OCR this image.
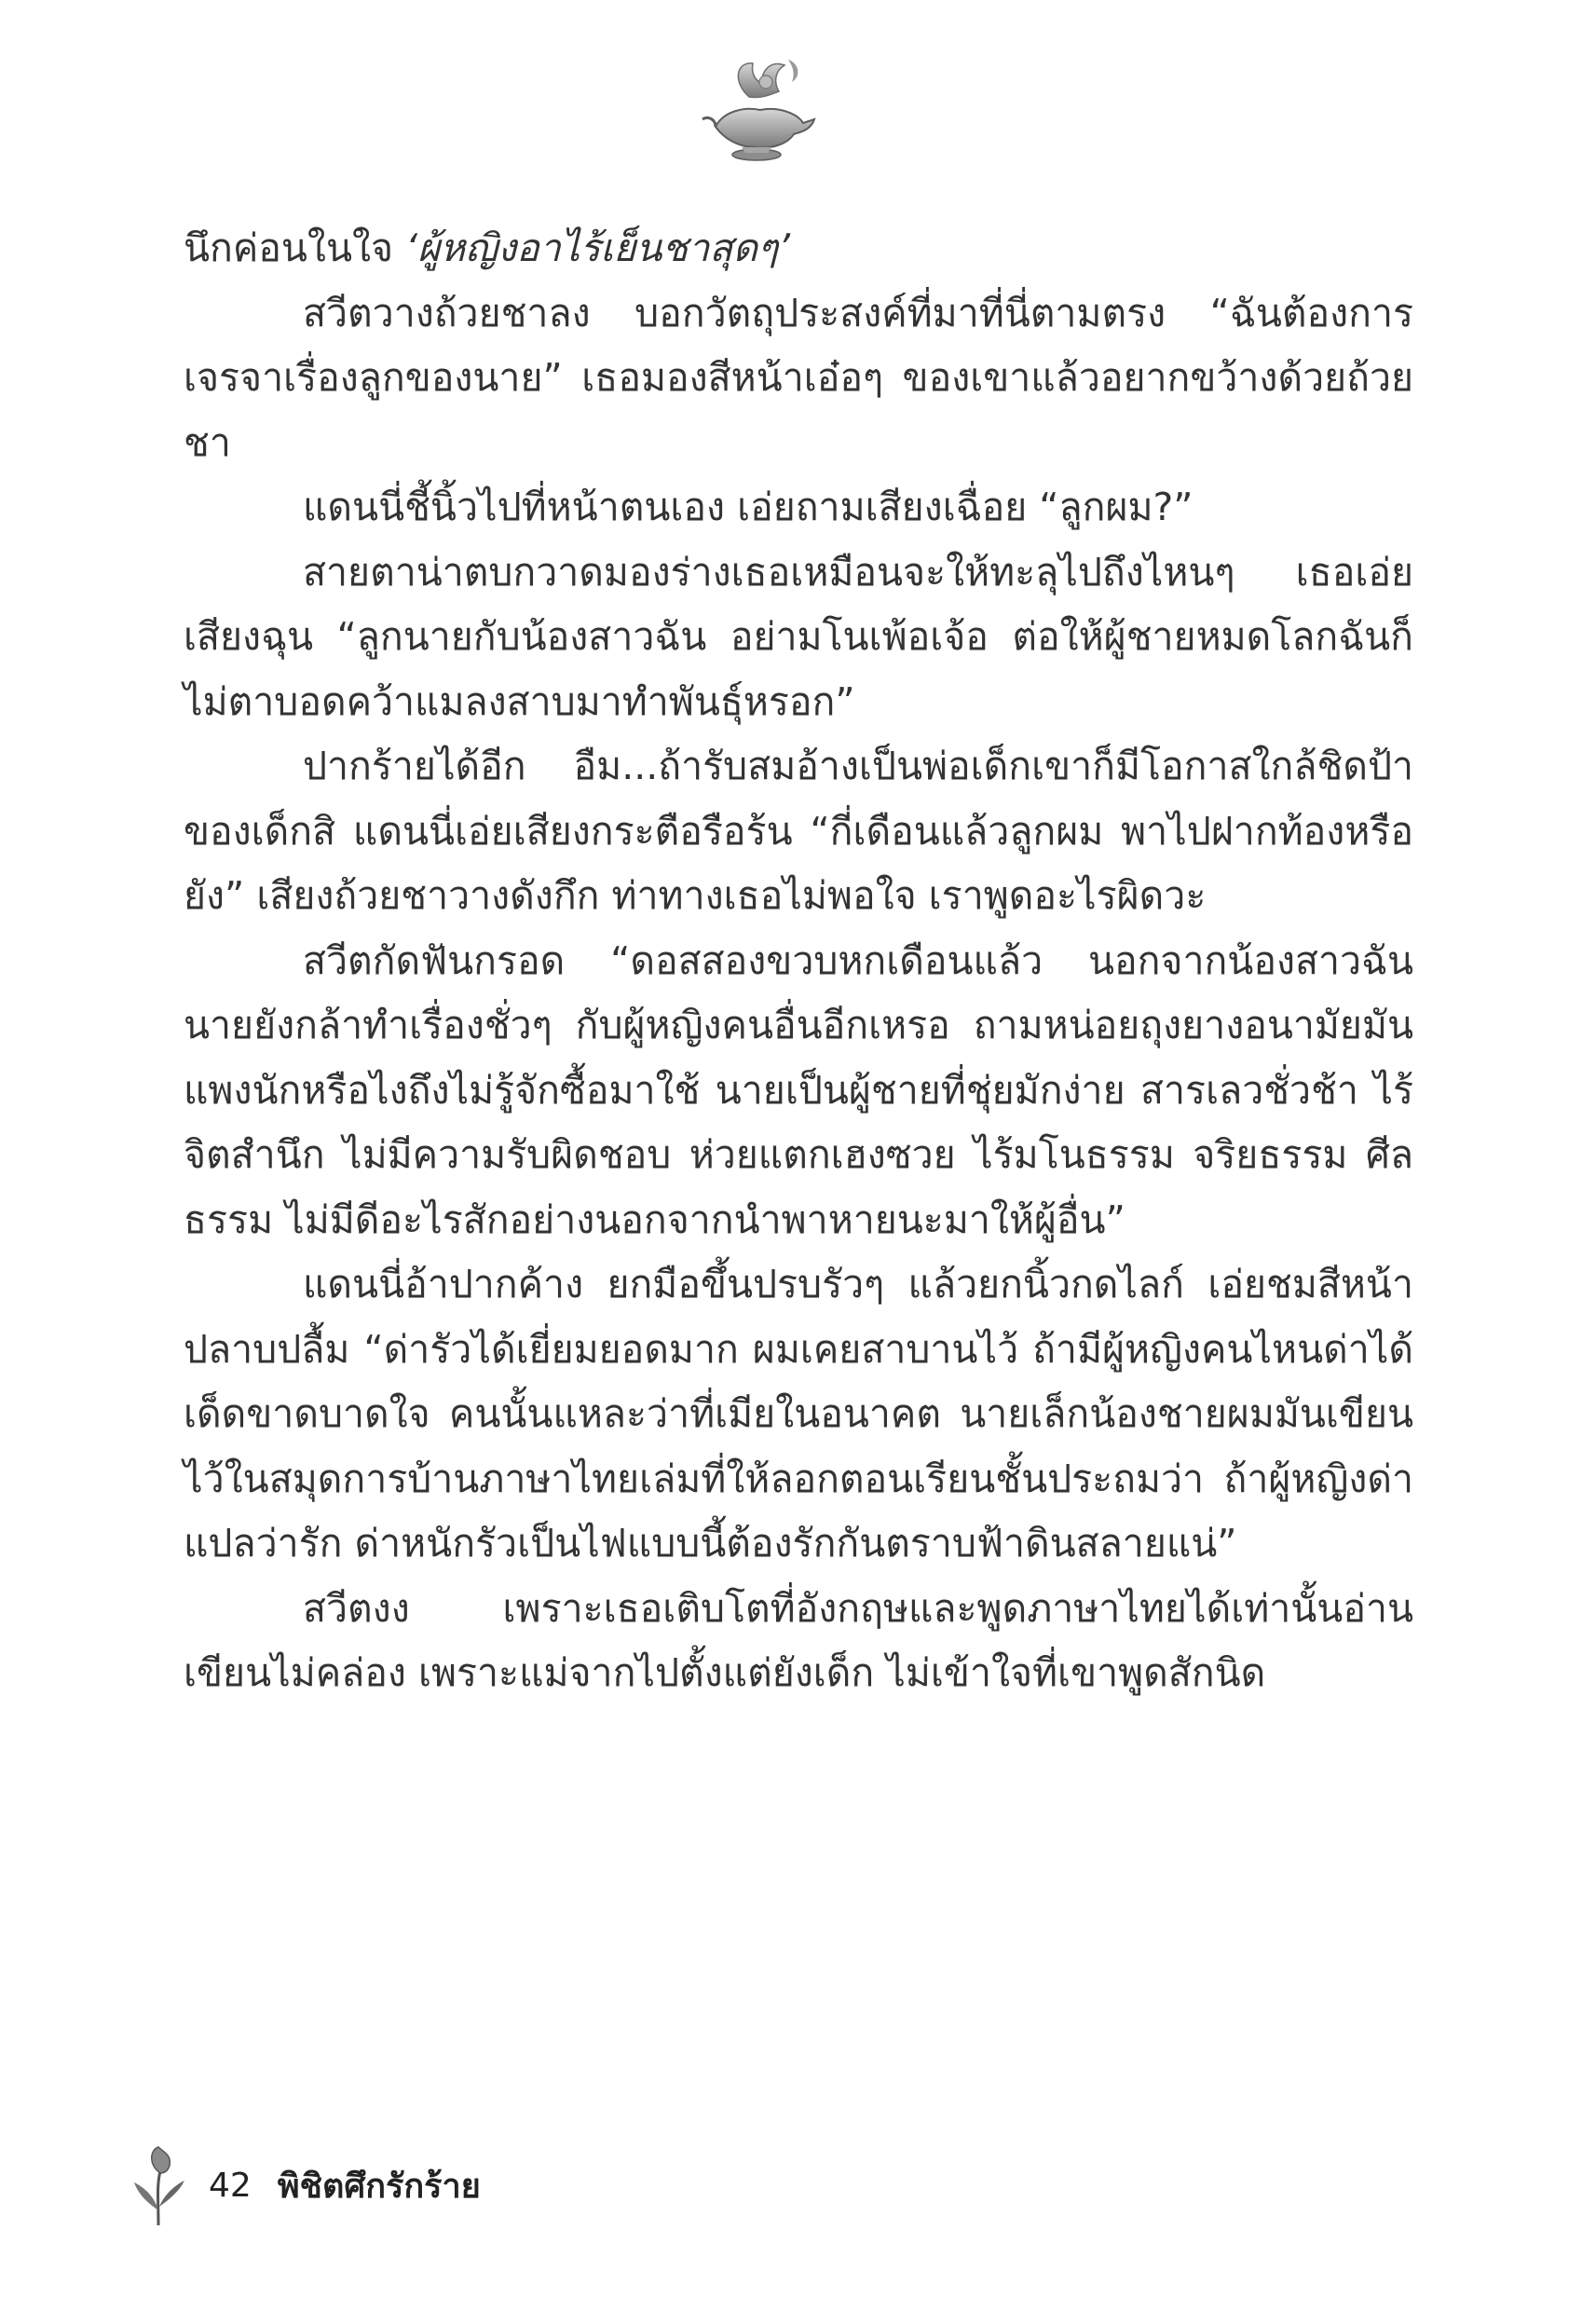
นึกค่อนในใจ ‘ผู้หญิงอาไร้เย็นชาสุดๆ’

สวีตวางถ้วยชาลง บอกวัตถุประสงค์ที่มาที่นี่ตามตรง “ฉันต้องการเจรจาเรื่องลูกของนาย” เธอมองสีหน้าเอ๋อๆ ของเขาแล้วอยากขว้างด้วยถ้วยชา

แดนนี่ชี้นิ้วไปที่หน้าตนเอง เอ่ยถามเสียงเฉื่อย “ลูกผม?”

สายตาน่าตบกวาดมองร่างเธอเหมือนจะให้ทะลุไปถึงไหนๆ เธอเอ่ยเสียงฉุน “ลูกนายกับน้องสาวฉัน อย่ามโนเพ้อเจ้อ ต่อให้ผู้ชายหมดโลกฉันก็ไม่ตาบอดคว้าแมลงสาบมาทำพันธุ์หรอก”

ปากร้ายได้อีก อืม...ถ้ารับสมอ้างเป็นพ่อเด็กเขาก็มีโอกาสใกล้ชิดป้าของเด็กสิ แดนนี่เอ่ยเสียงกระตือรือร้น “กี่เดือนแล้วลูกผม พาไปฝากท้องหรือยัง” เสียงถ้วยชาวางดังกึก ท่าทางเธอไม่พอใจ เราพูดอะไรผิดวะ

สวีตกัดฟันกรอด “ดอสสองขวบหกเดือนแล้ว นอกจากน้องสาวฉัน นายยังกล้าทำเรื่องชั่วๆ กับผู้หญิงคนอื่นอีกเหรอ ถามหน่อยถุงยางอนามัยมันแพงนักหรือไงถึงไม่รู้จักซื้อมาใช้ นายเป็นผู้ชายที่ชุ่ยมักง่าย สารเลวชั่วช้า ไร้จิตสำนึก ไม่มีความรับผิดชอบ ห่วยแตกเฮงซวย ไร้มโนธรรม จริยธรรม ศีลธรรม ไม่มีดีอะไรสักอย่างนอกจากนำพาหายนะมาให้ผู้อื่น”

แดนนี่อ้าปากค้าง ยกมือขึ้นปรบรัวๆ แล้วยกนิ้วกดไลก์ เอ่ยชมสีหน้าปลาบปลื้ม “ด่ารัวได้เยี่ยมยอดมาก ผมเคยสาบานไว้ ถ้ามีผู้หญิงคนไหนด่าได้เด็ดขาดบาดใจ คนนั้นแหละว่าที่เมียในอนาคต นายเล็กน้องชายผมมันเขียนไว้ในสมุดการบ้านภาษาไทยเล่มที่ให้ลอกตอนเรียนชั้นประถมว่า ถ้าผู้หญิงด่าแปลว่ารัก ด่าหนักรัวเป็นไฟแบบนี้ต้องรักกันตราบฟ้าดินสลายแน่”

สวีตงง เพราะเธอเติบโตที่อังกฤษและพูดภาษาไทยได้เท่านั้นอ่านเขียนไม่คล่อง เพราะแม่จากไปตั้งแต่ยังเด็ก ไม่เข้าใจที่เขาพูดสักนิด

42 พิชิตศึกรักร้าย
